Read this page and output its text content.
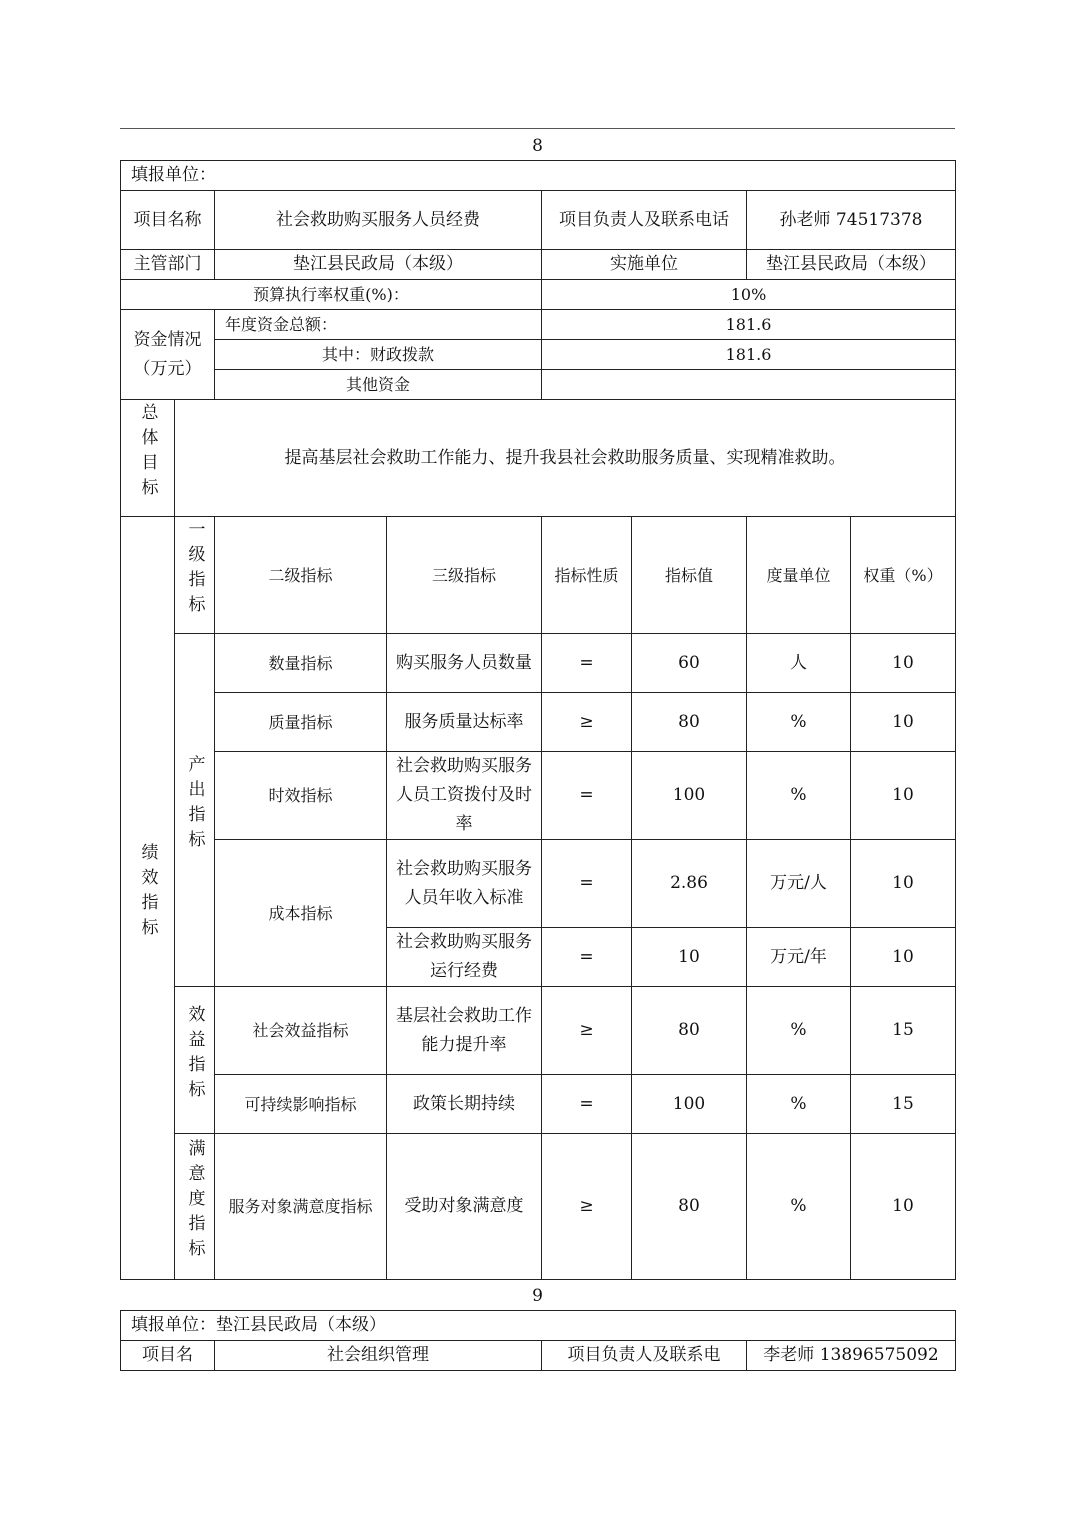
8
填报单位：							
项目名称		社会救助购买服务人员经费		项目负责人及联系电话		孙老师 74517378	
主管部门		垫江县民政局（本级）		实施单位		垫江县民政局（本级）	
预算执行率权重(%)：				10%			
资金情况（万元）		年度资金总额：		181.6			
		其中：财政拨款		181.6			
		其他资金					
总体目标	提高基层社会救助工作能力、提升我县社会救助服务质量、实现精准救助。						
绩效指标	一级指标	二级指标	三级指标	指标性质	指标值	度量单位	权重（%）
	产出指标	数量指标	购买服务人员数量	=	60	人	10
		质量指标	服务质量达标率	≥	80	%	10
		时效指标	社会救助购买服务人员工资拨付及时率	=	100	%	10
		成本指标	社会救助购买服务人员年收入标准	=	2.86	万元/人	10
			社会救助购买服务运行经费	=	10	万元/年	10
	效益指标	社会效益指标	基层社会救助工作能力提升率	≥	80	%	15
		可持续影响指标	政策长期持续	=	100	%	15
	满意度指标	服务对象满意度指标	受助对象满意度	≥	80	%	10
9
填报单位：垫江县民政局（本级）
项目名	社会组织管理	项目负责人及联系电	李老师 13896575092
